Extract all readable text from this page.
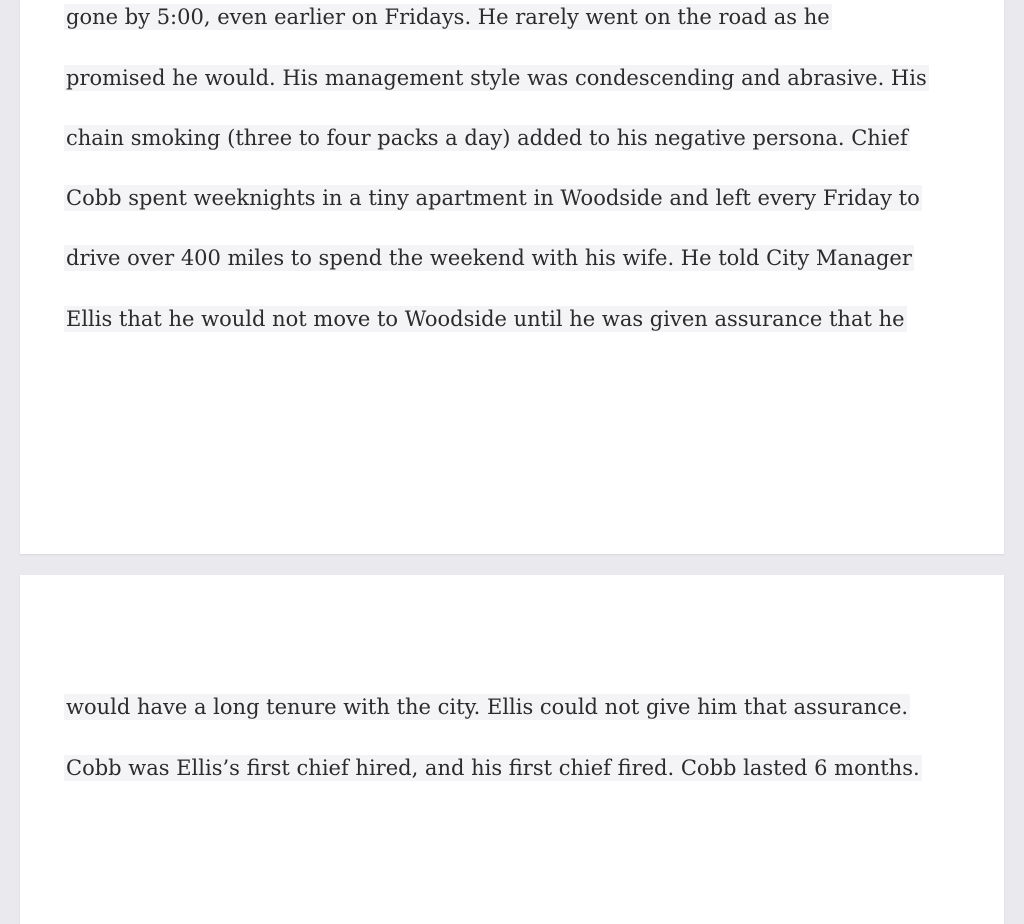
gone by 5:00, even earlier on Fridays. He rarely went on the road as he
promised he would. His management style was condescending and abrasive. His
chain smoking (three to four packs a day) added to his negative persona. Chief
Cobb spent weeknights in a tiny apartment in Woodside and left every Friday to
drive over 400 miles to spend the weekend with his wife. He told City Manager
Ellis that he would not move to Woodside until he was given assurance that he
would have a long tenure with the city. Ellis could not give him that assurance.
Cobb was Ellis’s first chief hired, and his first chief fired. Cobb lasted 6 months.
